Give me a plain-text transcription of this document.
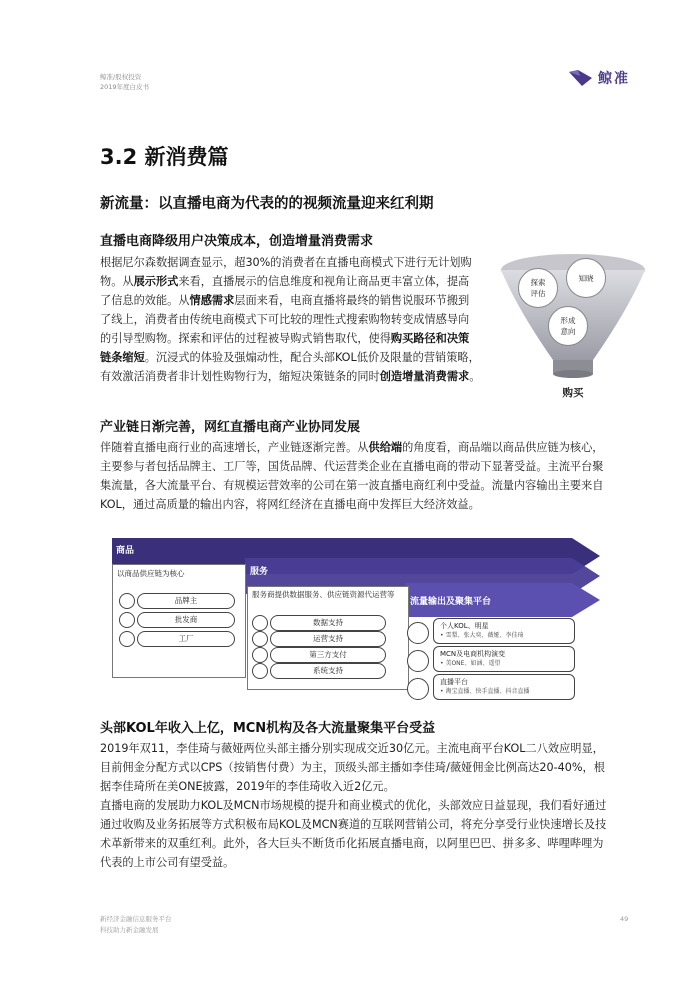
鲸准/股权投资
2019年度白皮书	鲸准
3.2 新消费篇
新流量：以直播电商为代表的的视频流量迎来红利期
直播电商降级用户决策成本，创造增量消费需求
根据尼尔森数据调查显示，超30%的消费者在直播电商模式下进行无计划购
物。从展示形式来看，直播展示的信息维度和视角让商品更丰富立体，提高
了信息的效能。从情感需求层面来看，电商直播将最终的销售说服环节搬到
了线上，消费者由传统电商模式下可比较的理性式搜索购物转变成情感导向
的引导型购物。探索和评估的过程被导购式销售取代，使得购买路径和决策
链条缩短。沉浸式的体验及强煽动性，配合头部KOL低价及限量的营销策略，
有效激活消费者非计划性购物行为，缩短决策链条的同时创造增量消费需求。
探索
评估
知晓
形成
意向
购买
产业链日渐完善，网红直播电商产业协同发展
伴随着直播电商行业的高速增长，产业链逐渐完善。从供给端的角度看，商品端以商品供应链为核心，
主要参与者包括品牌主、工厂等，国货品牌、代运营类企业在直播电商的带动下显著受益。主流平台聚
集流量，各大流量平台、有规模运营效率的公司在第一波直播电商红利中受益。流量内容输出主要来自
KOL，通过高质量的输出内容，将网红经济在直播电商中发挥巨大经济效益。
商品
以商品供应链为核心
品牌主
批发商
工厂
服务
服务商提供数据服务、供应链资源代运营等
数据支持
运营支持
第三方支付
系统支持
流量输出及聚集平台
个人KOL、明星
• 雪梨、张大奕、薇娅、李佳琦
MCN及电商机构演变
• 美ONE、如涵、遥望
直播平台
• 淘宝直播、快手直播、抖音直播
头部KOL年收入上亿，MCN机构及各大流量聚集平台受益
2019年双11，李佳琦与薇娅两位头部主播分别实现成交近30亿元。主流电商平台KOL二八效应明显，
目前佣金分配方式以CPS（按销售付费）为主，顶级头部主播如李佳琦/薇娅佣金比例高达20-40%，根
据李佳琦所在美ONE披露，2019年的李佳琦收入近2亿元。
直播电商的发展助力KOL及MCN市场规模的提升和商业模式的优化，头部效应日益显现，我们看好通过
通过收购及业务拓展等方式积极布局KOL及MCN赛道的互联网营销公司，将充分享受行业快速增长及技
术革新带来的双重红利。此外，各大巨头不断货币化拓展直播电商，以阿里巴巴、拼多多、哔哩哔哩为
代表的上市公司有望受益。
新经济金融信息服务平台
科技助力新金融发展
49
